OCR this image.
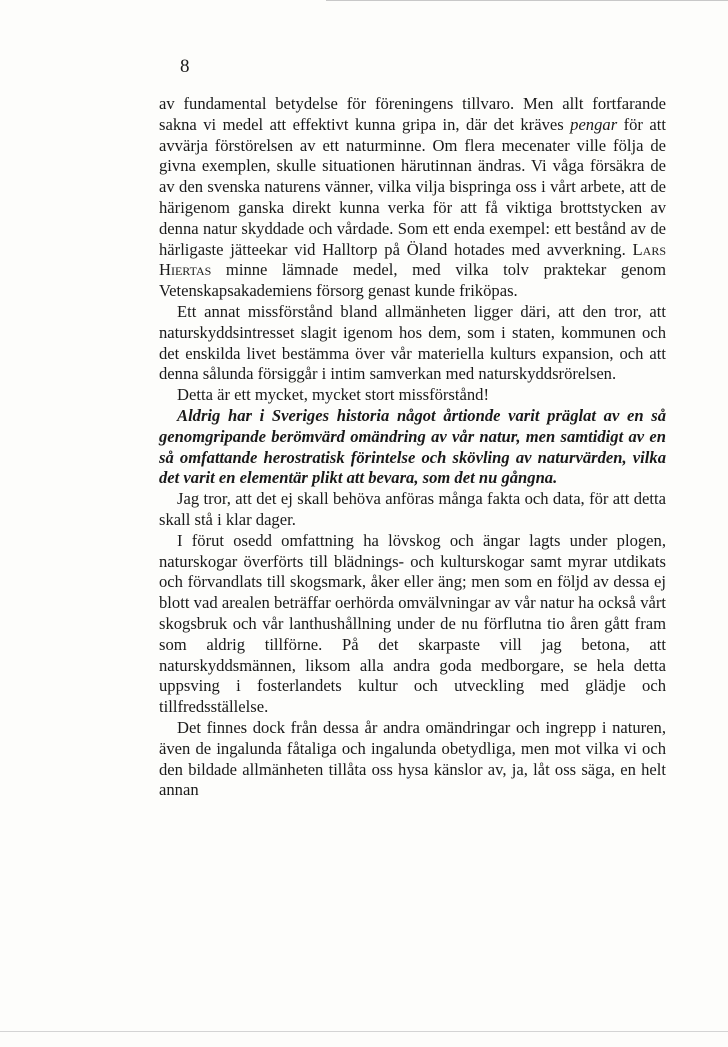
8

av fundamental betydelse för föreningens tillvaro. Men allt fortfarande sakna vi medel att effektivt kunna gripa in, där det kräves pengar för att avvärja förstörelsen av ett naturminne. Om flera mecenater ville följa de givna exemplen, skulle situationen härutinnan ändras. Vi våga försäkra de av den svenska naturens vänner, vilka vilja bispringa oss i vårt arbete, att de härigenom ganska direkt kunna verka för att få viktiga brottstycken av denna natur skyddade och vårdade. Som ett enda exempel: ett bestånd av de härligaste jätteekar vid Halltorp på Öland hotades med avverkning. Lars Hiertas minne lämnade medel, med vilka tolv praktekar genom Vetenskapsakademiens försorg genast kunde friköpas.

Ett annat missförstånd bland allmänheten ligger däri, att den tror, att naturskyddsintresset slagit igenom hos dem, som i staten, kommunen och det enskilda livet bestämma över vår materiella kulturs expansion, och att denna sålunda försiggår i intim samverkan med naturskyddsrörelsen.

Detta är ett mycket, mycket stort missförstånd!

Aldrig har i Sveriges historia något årtionde varit präglat av en så genomgripande berömvärd omändring av vår natur, men samtidigt av en så omfattande herostratisk förintelse och skövling av naturvärden, vilka det varit en elementär plikt att bevara, som det nu gångna.

Jag tror, att det ej skall behöva anföras många fakta och data, för att detta skall stå i klar dager.

I förut osedd omfattning ha lövskog och ängar lagts under plogen, naturskogar överförts till blädnings- och kulturskogar samt myrar utdikats och förvandlats till skogsmark, åker eller äng; men som en följd av dessa ej blott vad arealen beträffar oerhörda omvälvningar av vår natur ha också vårt skogsbruk och vår lanthushållning under de nu förflutna tio åren gått fram som aldrig tillförne. På det skarpaste vill jag betona, att naturskyddsmännen, liksom alla andra goda medborgare, se hela detta uppsving i fosterlandets kultur och utveckling med glädje och tillfredsställelse.

Det finnes dock från dessa år andra omändringar och ingrepp i naturen, även de ingalunda fåtaliga och ingalunda obetydliga, men mot vilka vi och den bildade allmänheten tillåta oss hysa känslor av, ja, låt oss säga, en helt annan
